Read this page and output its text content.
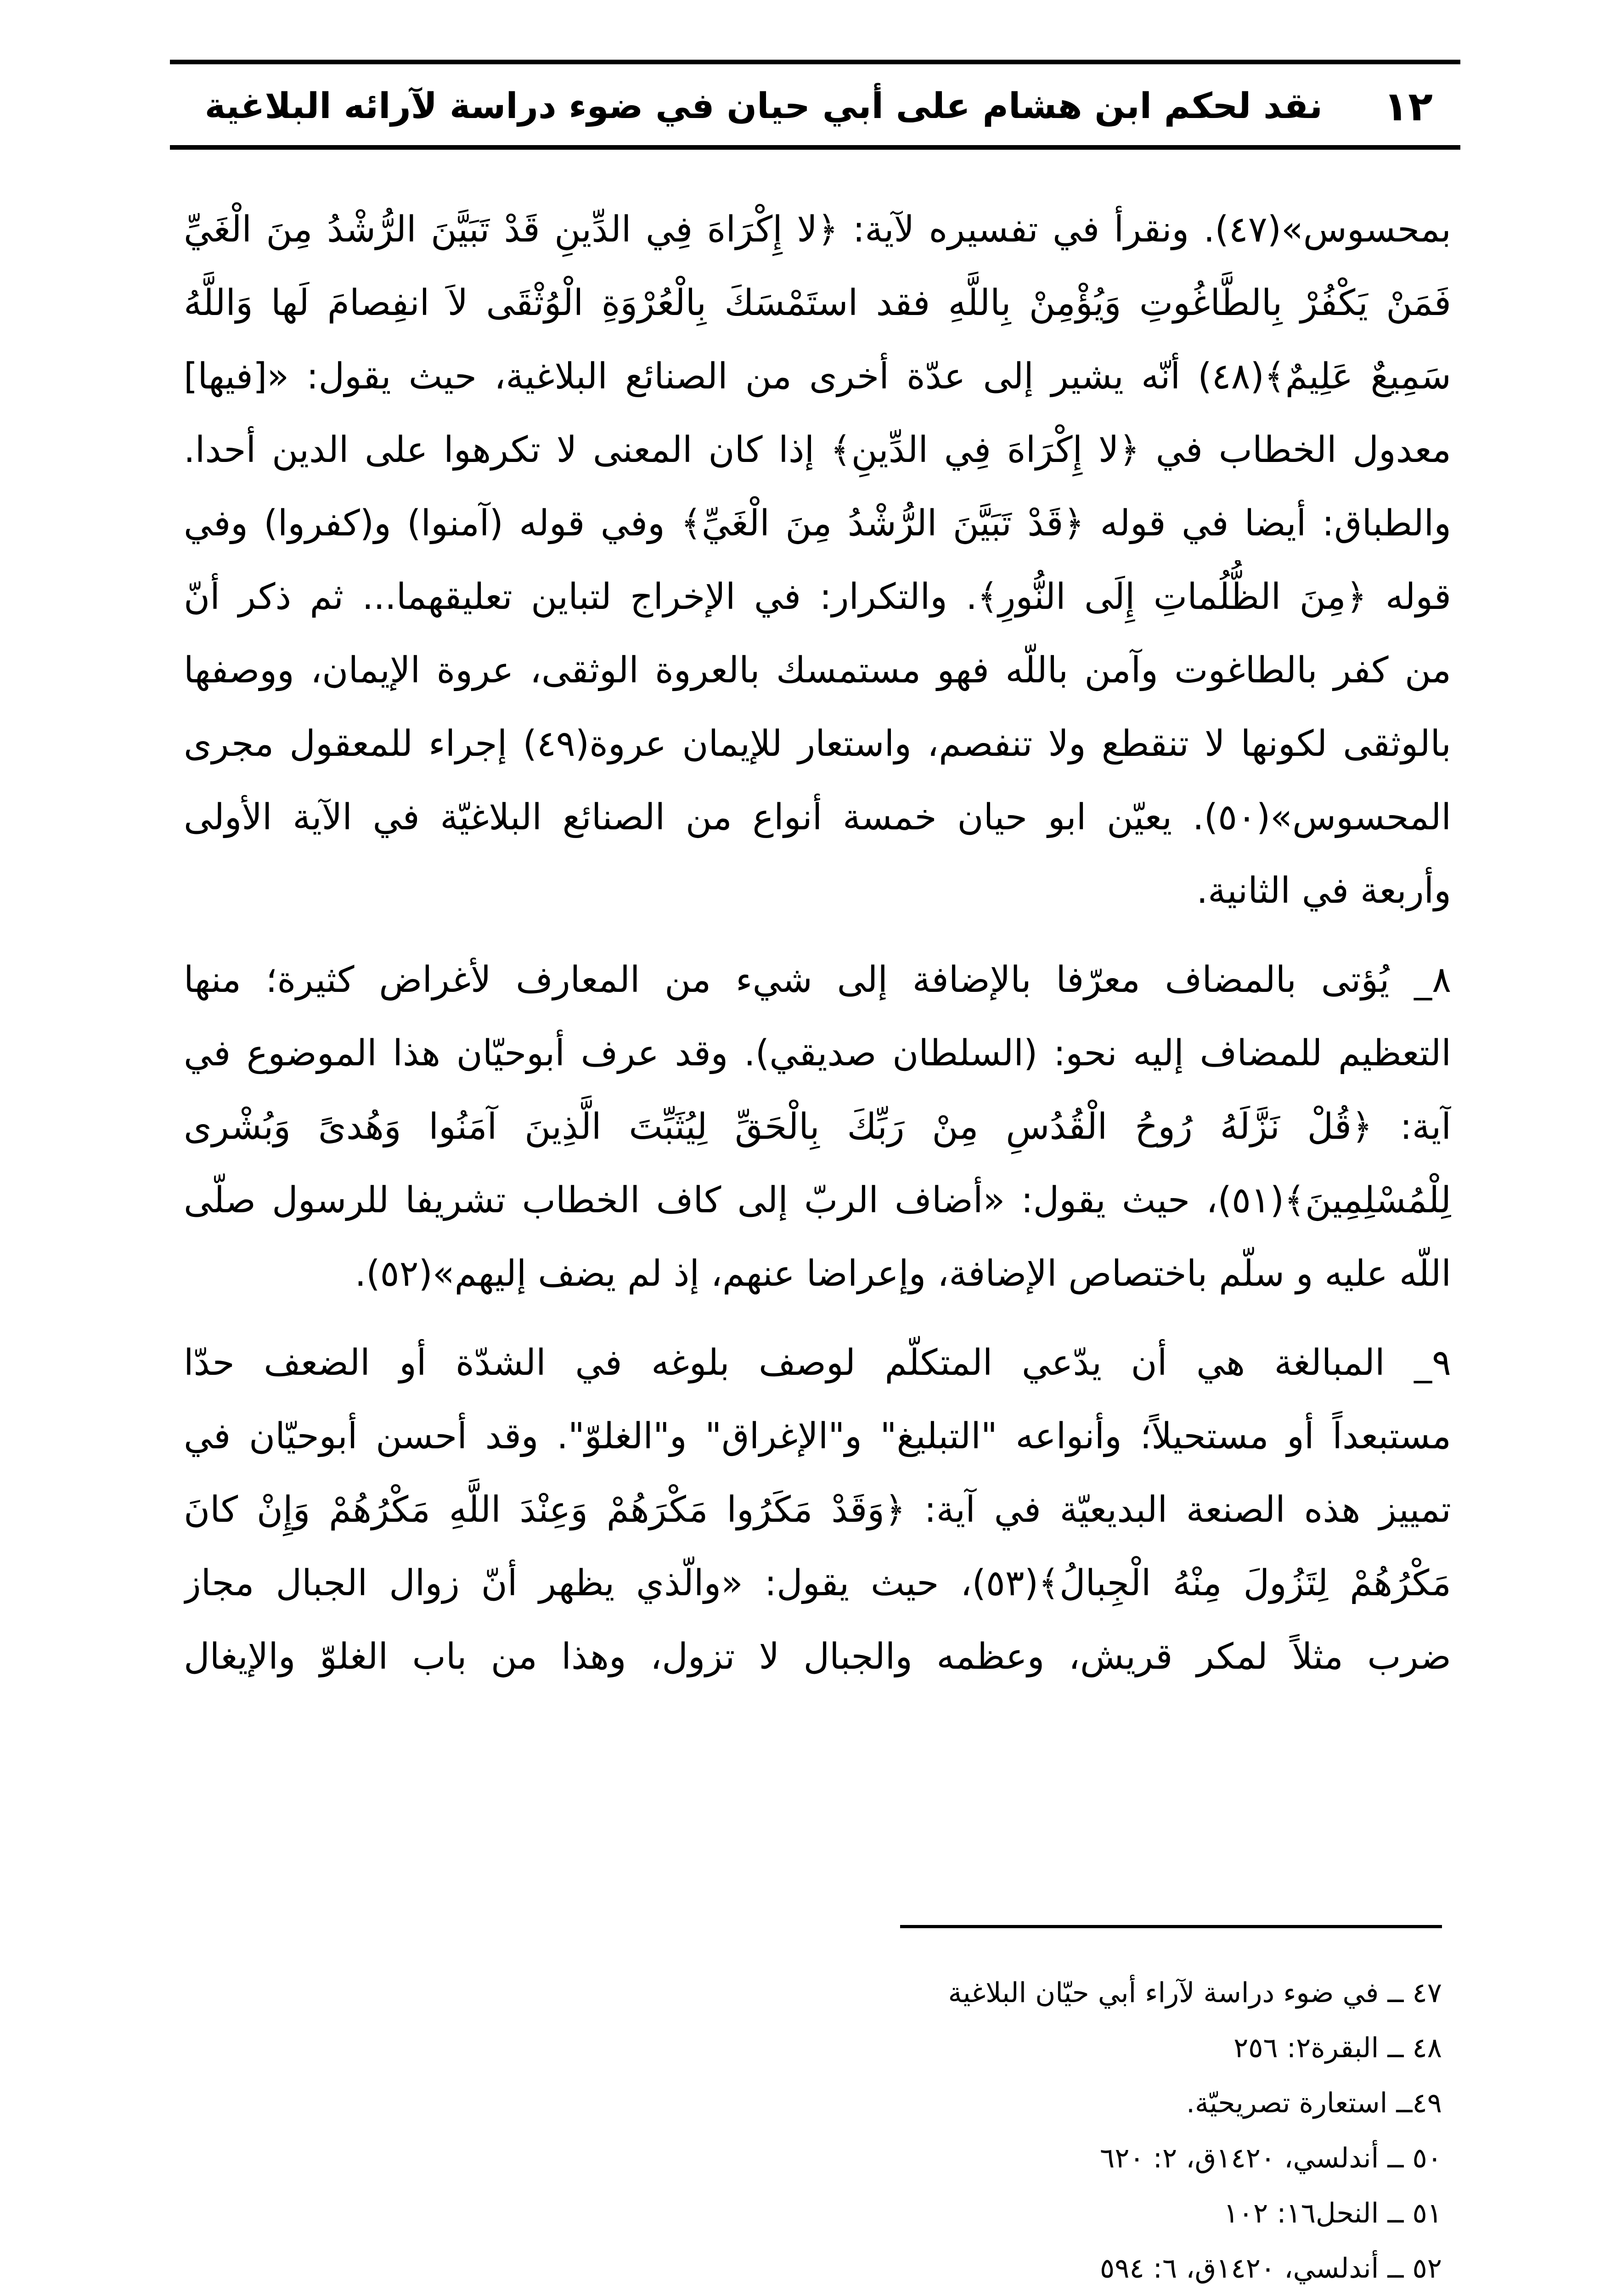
١٢
نقد لحكم ابن هشام على أبي حيان في ضوء دراسة لآرائه البلاغية

بمحسوس»(٤٧). ونقرأ في تفسيره لآية: ﴿لا إِكْرَاهَ فِي الدِّينِ قَدْ تَبَيَّنَ الرُّشْدُ مِنَ الْغَيِّ
فَمَنْ يَكْفُرْ بِالطَّاغُوتِ وَيُؤْمِنْ بِاللَّهِ فقد استَمْسَكَ بِالْعُرْوَةِ الْوُثْقَى لاَ انفِصامَ لَها وَاللَّهُ
سَمِيعٌ عَلِيمٌ﴾(٤٨) أنّه يشير إلى عدّة أخرى من الصنائع البلاغية، حيث يقول: «[فيها]
معدول الخطاب في ﴿لا إِكْرَاهَ فِي الدِّينِ﴾ إذا كان المعنى لا تكرهوا على الدين أحدا.
والطباق: أيضا في قوله ﴿قَدْ تَبَيَّنَ الرُّشْدُ مِنَ الْغَيِّ﴾ وفي قوله (آمنوا) و(كفروا) وفي
قوله ﴿مِنَ الظُّلُماتِ إِلَى النُّورِ﴾. والتكرار: في الإخراج لتباين تعليقهما... ثم ذكر أنّ
من كفر بالطاغوت وآمن باللّه فهو مستمسك بالعروة الوثقى، عروة الإيمان، ووصفها
بالوثقى لكونها لا تنقطع ولا تنفصم، واستعار للإيمان عروة(٤٩) إجراء للمعقول مجرى
المحسوس»(٥٠). يعيّن ابو حيان خمسة أنواع من الصنائع البلاغيّة في الآية الأولى
وأربعة في الثانية.

٨_ يُؤتى بالمضاف معرّفا بالإضافة إلى شيء من المعارف لأغراض كثيرة؛ منها
التعظيم للمضاف إليه نحو: (السلطان صديقي). وقد عرف أبوحيّان هذا الموضوع في
آية: ﴿قُلْ نَزَّلَهُ رُوحُ الْقُدُسِ مِنْ رَبِّكَ بِالْحَقِّ لِيُثَبِّتَ الَّذِينَ آمَنُوا وَهُدىً وَبُشْرى
لِلْمُسْلِمِينَ﴾(٥١)، حيث يقول: «أضاف الربّ إلى كاف الخطاب تشريفا للرسول صلّى
اللّه عليه و سلّم باختصاص الإضافة، وإعراضا عنهم، إذ لم يضف إليهم»(٥٢).

٩_ المبالغة هي أن يدّعي المتكلّم لوصف بلوغه في الشدّة أو الضعف حدّا
مستبعداً أو مستحيلاً؛ وأنواعه "التبليغ" و"الإغراق" و"الغلوّ". وقد أحسن أبوحيّان في
تمييز هذه الصنعة البديعيّة في آية: ﴿وَقَدْ مَكَرُوا مَكْرَهُمْ وَعِنْدَ اللَّهِ مَكْرُهُمْ وَإِنْ كانَ
مَكْرُهُمْ لِتَزُولَ مِنْهُ الْجِبالُ﴾(٥٣)، حيث يقول: «والّذي يظهر أنّ زوال الجبال مجاز
ضرب مثلاً لمكر قريش، وعظمه والجبال لا تزول، وهذا من باب الغلوّ والإيغال

٤٧ ــ في ضوء دراسة لآراء أبي حيّان البلاغية

٤٨ ــ البقرة٢: ٢٥٦

٤٩ــ استعارة تصريحيّة.

٥٠ ــ أندلسي، ١٤٢٠ق، ٢: ٦٢٠

٥١ ــ النحل١٦: ١٠٢

٥٢ ــ أندلسي، ١٤٢٠ق، ٦: ٥٩٤
